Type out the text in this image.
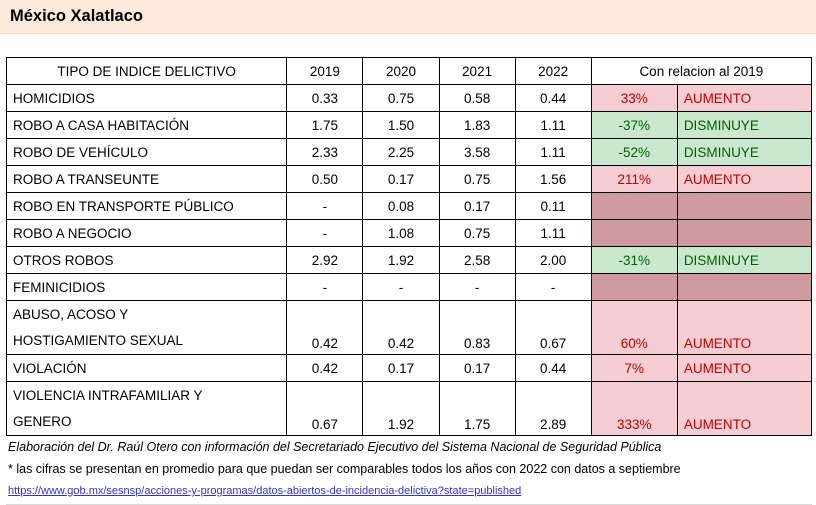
México Xalatlaco
TIPO DE INDICE DELICTIVO	2019	2020	2021	2022	Con relacion al 2019	
HOMICIDIOS	0.33	0.75	0.58	0.44	33%	AUMENTO
ROBO A CASA HABITACIÓN	1.75	1.50	1.83	1.11	-37%	DISMINUYE
ROBO DE VEHÍCULO	2.33	2.25	3.58	1.11	-52%	DISMINUYE
ROBO A TRANSEUNTE	0.50	0.17	0.75	1.56	211%	AUMENTO
ROBO EN TRANSPORTE PÚBLICO	-	0.08	0.17	0.11		
ROBO A NEGOCIO	-	1.08	0.75	1.11		
OTROS ROBOS	2.92	1.92	2.58	2.00	-31%	DISMINUYE
FEMINICIDIOS	-	-	-	-		

ABUSO, ACOSO Y
HOSTIGAMIENTO SEXUAL	0.42	0.42	0.83	0.67	60%	AUMENTO
VIOLACIÓN	0.42	0.17	0.17	0.44	7%	AUMENTO

VIOLENCIA INTRAFAMILIAR Y
GENERO	0.67	1.92	1.75	2.89	333%	AUMENTO
Elaboración del Dr. Raúl Otero con información del Secretariado Ejecutivo del Sistema Nacional de Seguridad Pública
* las cifras se presentan en promedio para que puedan ser comparables todos los años con 2022 con datos a septiembre
https://www.gob.mx/sesnsp/acciones-y-programas/datos-abiertos-de-incidencia-delictiva?state=published
